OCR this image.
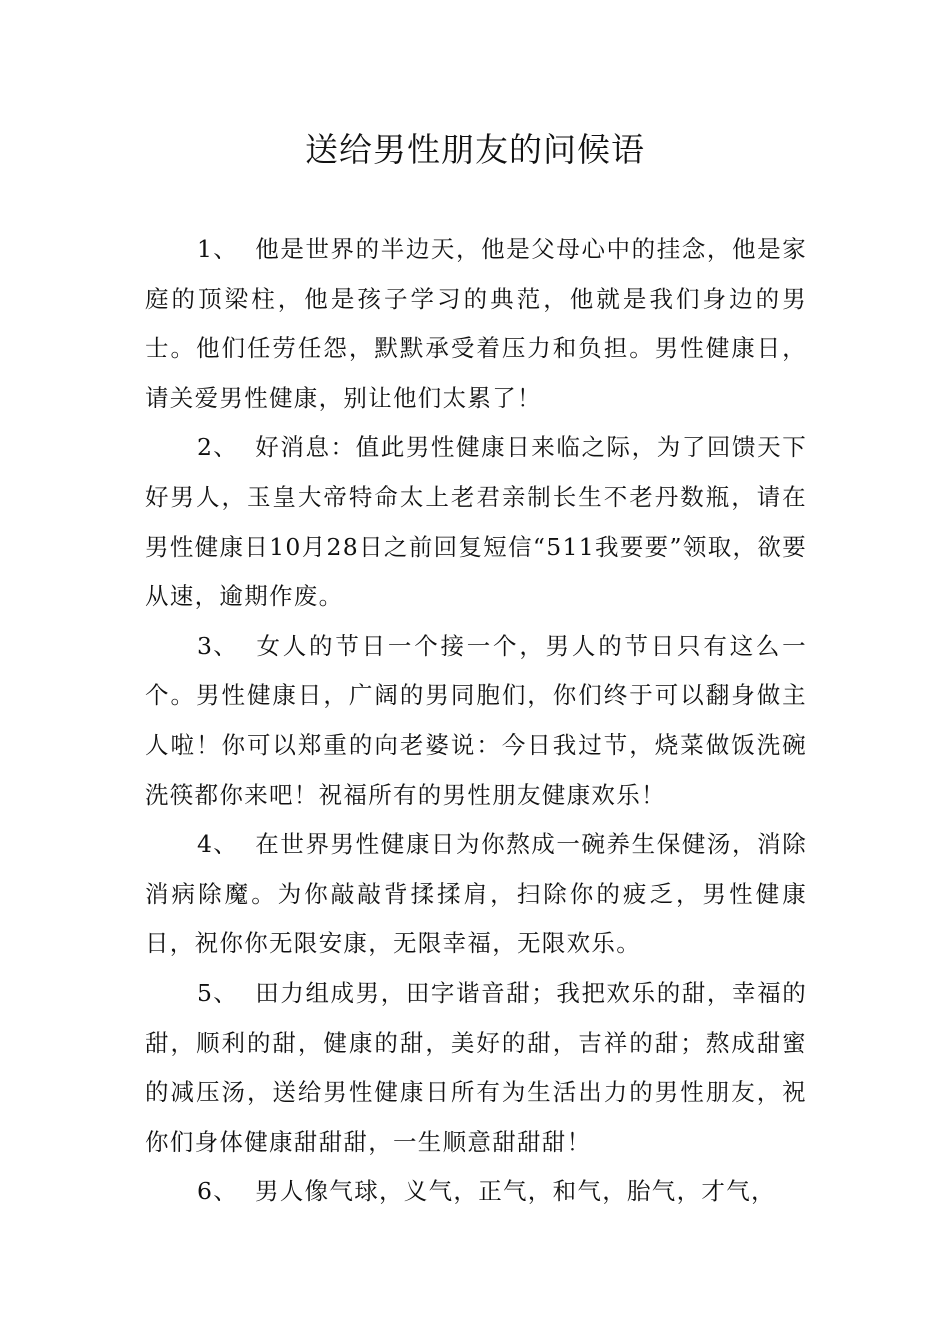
送给男性朋友的问候语

1、 他是世界的半边天，他是父母心中的挂念，他是家庭的顶梁柱，他是孩子学习的典范，他就是我们身边的男士。他们任劳任怨，默默承受着压力和负担。男性健康日，请关爱男性健康，别让他们太累了！

2、 好消息：值此男性健康日来临之际，为了回馈天下好男人，玉皇大帝特命太上老君亲制长生不老丹数瓶，请在男性健康日10月28日之前回复短信“511我要要”领取，欲要从速，逾期作废。

3、 女人的节日一个接一个，男人的节日只有这么一个。男性健康日，广阔的男同胞们，你们终于可以翻身做主人啦！你可以郑重的向老婆说：今日我过节，烧菜做饭洗碗洗筷都你来吧！祝福所有的男性朋友健康欢乐！

4、 在世界男性健康日为你熬成一碗养生保健汤，消除消病除魔。为你敲敲背揉揉肩，扫除你的疲乏，男性健康日，祝你你无限安康，无限幸福，无限欢乐。

5、 田力组成男，田字谐音甜；我把欢乐的甜，幸福的甜，顺利的甜，健康的甜，美好的甜，吉祥的甜；熬成甜蜜的减压汤，送给男性健康日所有为生活出力的男性朋友，祝你们身体健康甜甜甜，一生顺意甜甜甜！

6、 男人像气球，义气，正气，和气，胎气，才气，
